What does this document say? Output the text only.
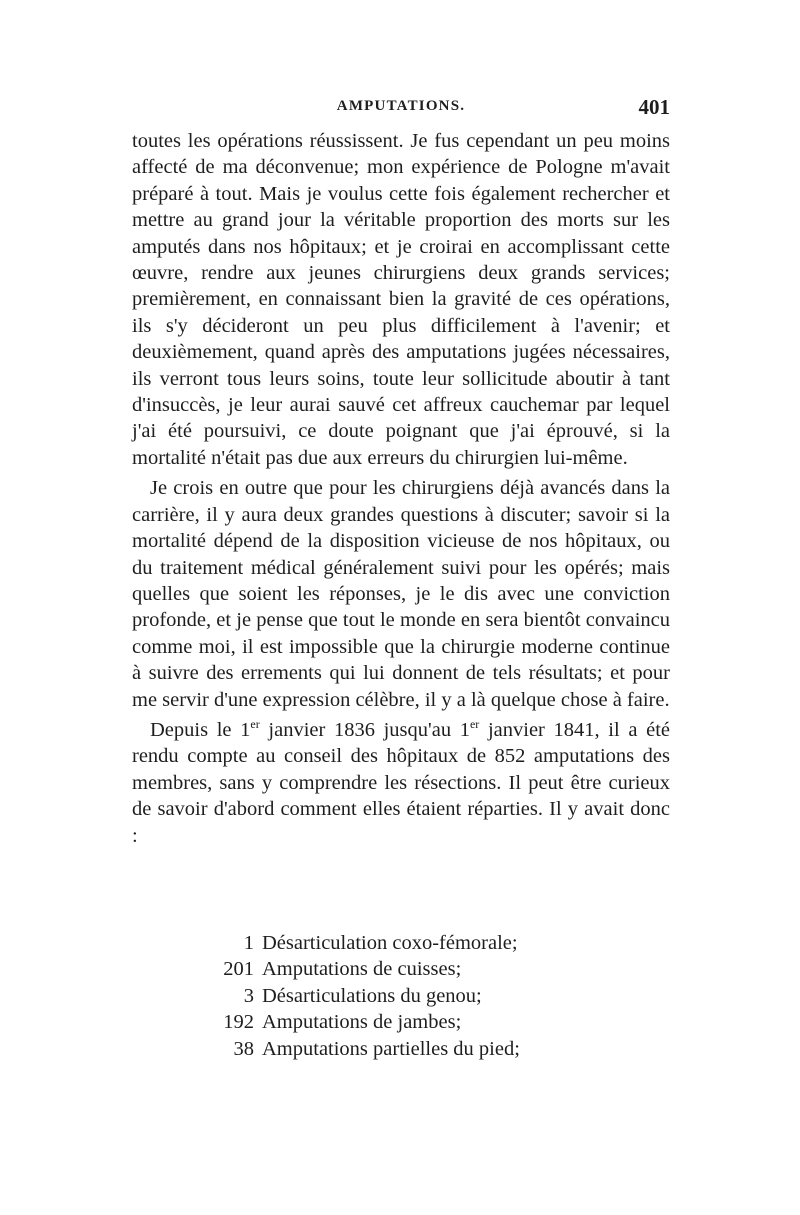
AMPUTATIONS.	401

toutes les opérations réussissent. Je fus cependant un peu moins affecté de ma déconvenue; mon expérience de Pologne m'avait préparé à tout. Mais je voulus cette fois également rechercher et mettre au grand jour la véritable proportion des morts sur les amputés dans nos hôpitaux; et je croirai en accomplissant cette œuvre, rendre aux jeunes chirurgiens deux grands services; premièrement, en connaissant bien la gravité de ces opérations, ils s'y décideront un peu plus difficilement à l'avenir; et deuxièmement, quand après des amputations jugées nécessaires, ils verront tous leurs soins, toute leur sollicitude aboutir à tant d'insuccès, je leur aurai sauvé cet affreux cauchemar par lequel j'ai été poursuivi, ce doute poignant que j'ai éprouvé, si la mortalité n'était pas due aux erreurs du chirurgien lui-même.

Je crois en outre que pour les chirurgiens déjà avancés dans la carrière, il y aura deux grandes questions à discuter; savoir si la mortalité dépend de la disposition vicieuse de nos hôpitaux, ou du traitement médical généralement suivi pour les opérés; mais quelles que soient les réponses, je le dis avec une conviction profonde, et je pense que tout le monde en sera bientôt convaincu comme moi, il est impossible que la chirurgie moderne continue à suivre des errements qui lui donnent de tels résultats; et pour me servir d'une expression célèbre, il y a là quelque chose à faire.

Depuis le 1er janvier 1836 jusqu'au 1er janvier 1841, il a été rendu compte au conseil des hôpitaux de 852 amputations des membres, sans y comprendre les résections. Il peut être curieux de savoir d'abord comment elles étaient réparties. Il y avait donc :

1 Désarticulation coxo-fémorale;
201 Amputations de cuisses;
3 Désarticulations du genou;
192 Amputations de jambes;
38 Amputations partielles du pied;
